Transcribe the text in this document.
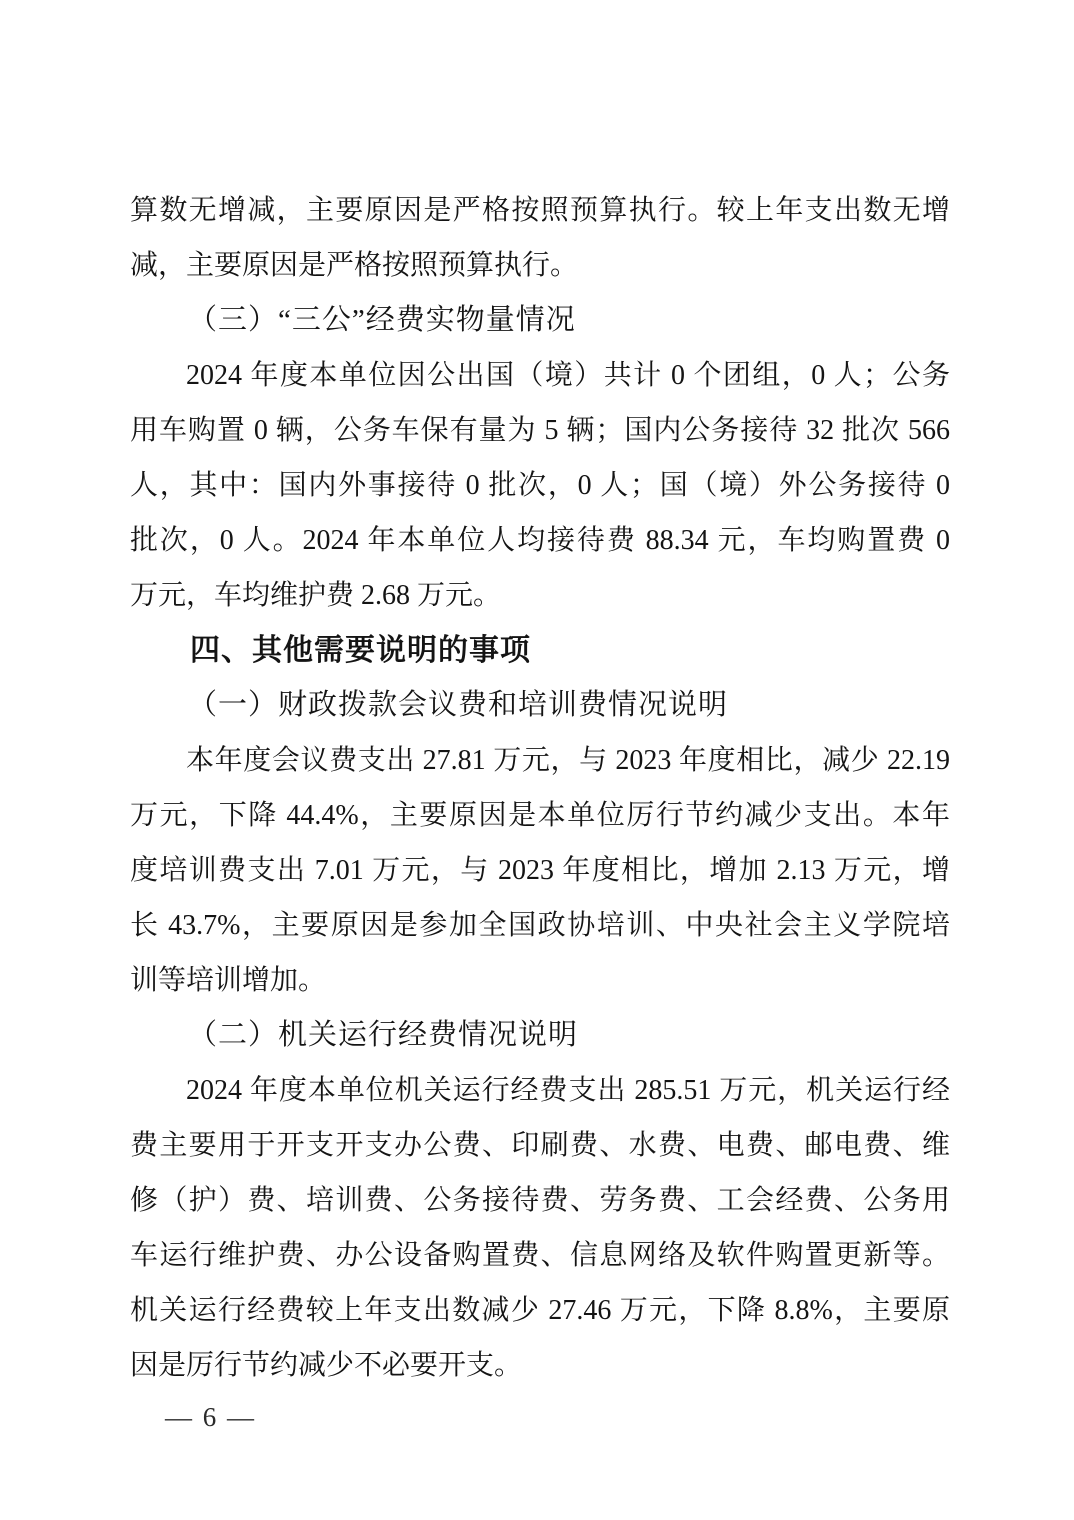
算数无增减，主要原因是严格按照预算执行。较上年支出数无增
减，主要原因是严格按照预算执行。
（三）“三公”经费实物量情况
2024 年度本单位因公出国（境）共计 0 个团组，0 人；公务
用车购置 0 辆，公务车保有量为 5 辆；国内公务接待 32 批次 566
人，其中：国内外事接待 0 批次，0 人；国（境）外公务接待 0
批次，0 人。2024 年本单位人均接待费 88.34 元，车均购置费 0
万元，车均维护费 2.68 万元。
四、其他需要说明的事项
（一）财政拨款会议费和培训费情况说明
本年度会议费支出 27.81 万元，与 2023 年度相比，减少 22.19
万元，下降 44.4%，主要原因是本单位厉行节约减少支出。本年
度培训费支出 7.01 万元，与 2023 年度相比，增加 2.13 万元，增
长 43.7%，主要原因是参加全国政协培训、中央社会主义学院培
训等培训增加。
（二）机关运行经费情况说明
2024 年度本单位机关运行经费支出 285.51 万元，机关运行经
费主要用于开支开支办公费、印刷费、水费、电费、邮电费、维
修（护）费、培训费、公务接待费、劳务费、工会经费、公务用
车运行维护费、办公设备购置费、信息网络及软件购置更新等。
机关运行经费较上年支出数减少 27.46 万元，下降 8.8%，主要原
因是厉行节约减少不必要开支。
— 6 —
